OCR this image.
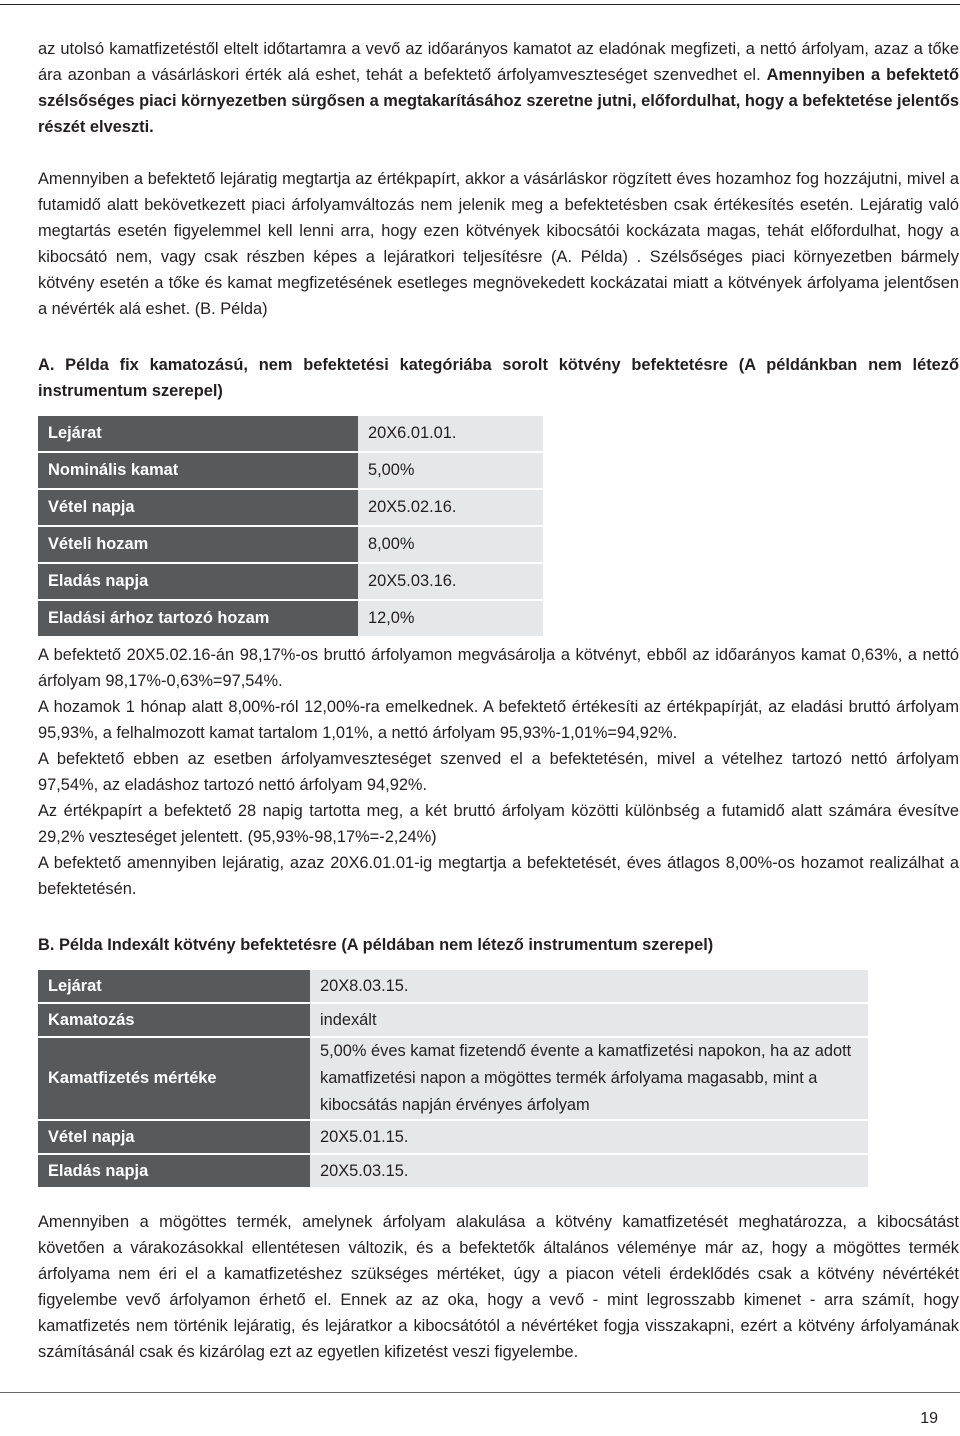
az utolsó kamatfizetéstől eltelt időtartamra a vevő az időarányos kamatot az eladónak megfizeti, a nettó árfolyam, azaz a tőke ára azonban a vásárláskori érték alá eshet, tehát a befektető árfolyamveszteséget szenvedhet el. Amennyiben a befektető szélsőséges piaci környezetben sürgősen a megtakarításához szeretne jutni, előfordulhat, hogy a befektetése jelentős részét elveszti.

Amennyiben a befektető lejáratig megtartja az értékpapírt, akkor a vásárláskor rögzített éves hozamhoz fog hozzájutni, mivel a futamidő alatt bekövetkezett piaci árfolyamváltozás nem jelenik meg a befektetésben csak értékesítés esetén. Lejáratig való megtartás esetén figyelemmel kell lenni arra, hogy ezen kötvények kibocsátói kockázata magas, tehát előfordulhat, hogy a kibocsátó nem, vagy csak részben képes a lejáratkori teljesítésre (A. Példa) . Szélsőséges piaci környezetben bármely kötvény esetén a tőke és kamat megfizetésének esetleges megnövekedett kockázatai miatt a kötvények árfolyama jelentősen a névérték alá eshet. (B. Példa)

A. Példa fix kamatozású, nem befektetési kategóriába sorolt kötvény befektetésre (A példánkban nem létező instrumentum szerepel)

Lejárat	20X6.01.01.
Nominális kamat	5,00%
Vétel napja	20X5.02.16.
Vételi hozam	8,00%
Eladás napja	20X5.03.16.
Eladási árhoz tartozó hozam	12,0%

A befektető 20X5.02.16-án 98,17%-os bruttó árfolyamon megvásárolja a kötvényt, ebből az időarányos kamat 0,63%, a nettó árfolyam 98,17%-0,63%=97,54%.

A hozamok 1 hónap alatt 8,00%-ról 12,00%-ra emelkednek. A befektető értékesíti az értékpapírját, az eladási bruttó árfolyam 95,93%, a felhalmozott kamat tartalom 1,01%, a nettó árfolyam 95,93%-1,01%=94,92%.

A befektető ebben az esetben árfolyamveszteséget szenved el a befektetésén, mivel a vételhez tartozó nettó árfolyam 97,54%, az eladáshoz tartozó nettó árfolyam 94,92%.

Az értékpapírt a befektető 28 napig tartotta meg, a két bruttó árfolyam közötti különbség a futamidő alatt számára évesítve 29,2% veszteséget jelentett. (95,93%-98,17%=-2,24%)

A befektető amennyiben lejáratig, azaz 20X6.01.01-ig megtartja a befektetését, éves átlagos 8,00%-os hozamot realizálhat a befektetésén.

B. Példa Indexált kötvény befektetésre (A példában nem létező instrumentum szerepel)

Lejárat	20X8.03.15.
Kamatozás	indexált
Kamatfizetés mértéke	5,00% éves kamat fizetendő évente a kamatfizetési napokon, ha az adott kamatfizetési napon a mögöttes termék árfolyama magasabb, mint a kibocsátás napján érvényes árfolyam
Vétel napja	20X5.01.15.
Eladás napja	20X5.03.15.

Amennyiben a mögöttes termék, amelynek árfolyam alakulása a kötvény kamatfizetését meghatározza, a kibocsátást követően a várakozásokkal ellentétesen változik, és a befektetők általános véleménye már az, hogy a mögöttes termék árfolyama nem éri el a kamatfizetéshez szükséges mértéket, úgy a piacon vételi érdeklődés csak a kötvény névértékét figyelembe vevő árfolyamon érhető el. Ennek az az oka, hogy a vevő - mint legrosszabb kimenet - arra számít, hogy kamatfizetés nem történik lejáratig, és lejáratkor a kibocsátótól a névértéket fogja visszakapni, ezért a kötvény árfolyamának számításánál csak és kizárólag ezt az egyetlen kifizetést veszi figyelembe.

19
